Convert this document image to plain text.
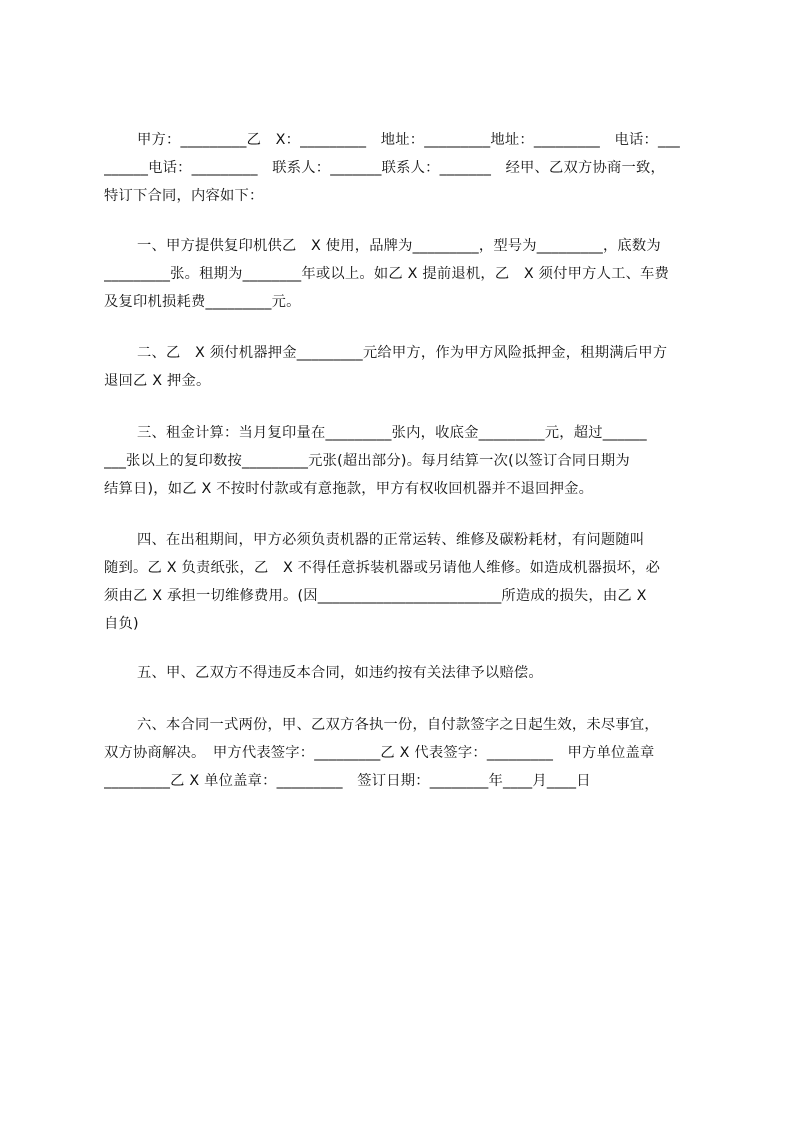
甲方：_________乙　X：_________　地址：_________地址：_________　电话：___
______电话：_________　联系人：_______联系人：_______　经甲、乙双方协商一致，
特订下合同，内容如下：
一、甲方提供复印机供乙　X 使用，品牌为_________，型号为_________，底数为
_________张。租期为________年或以上。如乙 X 提前退机，乙　X 须付甲方人工、车费
及复印机损耗费_________元。
二、乙　X 须付机器押金_________元给甲方，作为甲方风险抵押金，租期满后甲方
退回乙 X 押金。
三、租金计算：当月复印量在_________张内，收底金_________元，超过______
___张以上的复印数按_________元张(超出部分)。每月结算一次(以签订合同日期为
结算日)，如乙 X 不按时付款或有意拖款，甲方有权收回机器并不退回押金。
四、在出租期间，甲方必须负责机器的正常运转、维修及碳粉耗材，有问题随叫
随到。乙 X 负责纸张，乙　X 不得任意拆装机器或另请他人维修。如造成机器损坏，必
须由乙 X 承担一切维修费用。(因_________________________所造成的损失，由乙 X
自负)
五、甲、乙双方不得违反本合同，如违约按有关法律予以赔偿。
六、本合同一式两份，甲、乙双方各执一份，自付款签字之日起生效，未尽事宜，
双方协商解决。　甲方代表签字：_________乙 X 代表签字：_________　甲方单位盖章
_________乙 X 单位盖章：_________　签订日期：________年____月____日
